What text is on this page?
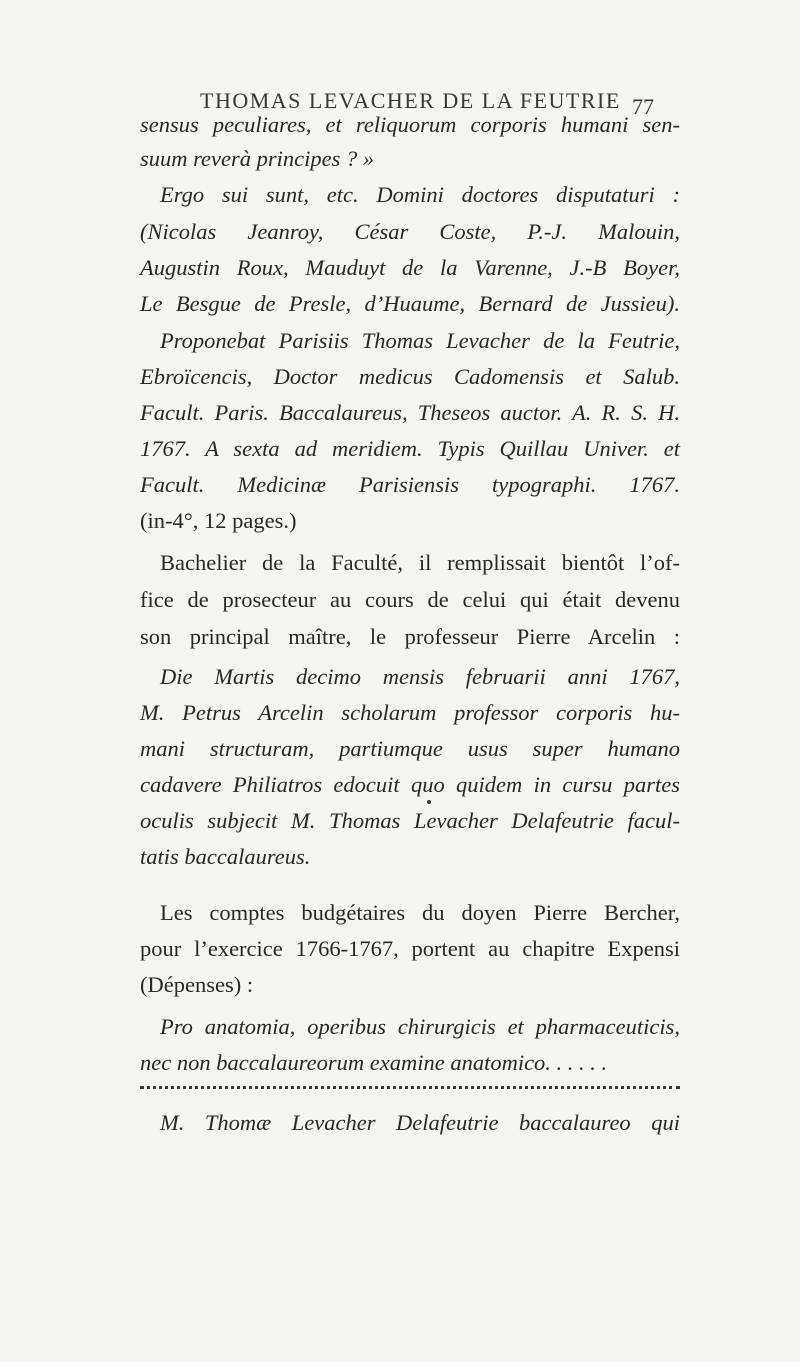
THOMAS LEVACHER DE LA FEUTRIE 77
sensus peculiares, et reliquorum corporis humani sen-
suum reverà principes ? »
Ergo sui sunt, etc. Domini doctores disputaturi :
(Nicolas Jeanroy, César Coste, P.-J. Malouin,
Augustin Roux, Mauduyt de la Varenne, J.-B Boyer,
Le Besgue de Presle, d’Huaume, Bernard de Jussieu).
Proponebat Parisiis Thomas Levacher de la Feutrie,
Ebroïcencis, Doctor medicus Cadomensis et Salub.
Facult. Paris. Baccalaureus, Theseos auctor. A. R. S. H.
1767. A sexta ad meridiem. Typis Quillau Univer. et
Facult. Medicinæ Parisiensis typographi. 1767.
(in-4°, 12 pages.)
Bachelier de la Faculté, il remplissait bientôt l’of-
fice de prosecteur au cours de celui qui était devenu
son principal maître, le professeur Pierre Arcelin :
Die Martis decimo mensis februarii anni 1767,
M. Petrus Arcelin scholarum professor corporis hu-
mani structuram, partiumque usus super humano
cadavere Philiatros edocuit quo quidem in cursu partes
oculis subjecit M. Thomas Levacher Delafeutrie facul-
tatis baccalaureus.
Les comptes budgétaires du doyen Pierre Bercher,
pour l’exercice 1766-1767, portent au chapitre Expensi
(Dépenses) :
Pro anatomia, operibus chirurgicis et pharmaceuticis,
nec non baccalaureorum examine anatomico. . . . . .
M. Thomæ Levacher Delafeutrie baccalaureo qui
